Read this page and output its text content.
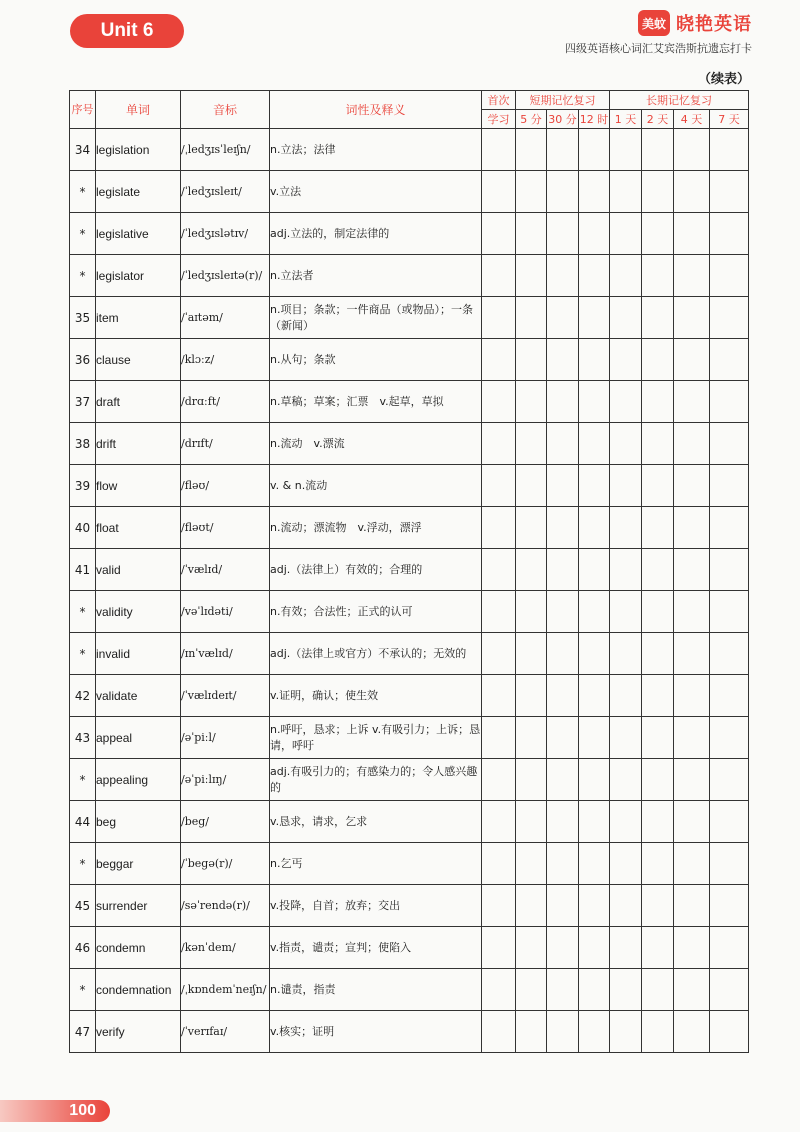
Unit 6	美蚊 晓艳英语
四级英语核心词汇艾宾浩斯抗遗忘打卡
（续表）
序号	单词	音标	词性及释义	首次	短期记忆复习			长期记忆复习			
				学习	5 分	30 分	12 时	1 天	2 天	4 天	7 天
34	legislation	/ˌledʒɪsˈleɪʃn/	n.立法；法律								
*	legislate	/ˈledʒɪsleɪt/	v.立法								
*	legislative	/ˈledʒɪslətɪv/	adj.立法的，制定法律的								
*	legislator	/ˈledʒɪsleɪtə(r)/	n.立法者								
35	item	/ˈaɪtəm/	n.项目；条款；一件商品（或物品）；一条（新闻）								
36	clause	/klɔːz/	n.从句；条款								
37	draft	/drɑːft/	n.草稿；草案；汇票　v.起草，草拟								
38	drift	/drɪft/	n.流动　v.漂流								
39	flow	/fləʊ/	v. & n.流动								
40	float	/fləʊt/	n.流动；漂流物　v.浮动，漂浮								
41	valid	/ˈvælɪd/	adj.（法律上）有效的；合理的								
*	validity	/vəˈlɪdəti/	n.有效；合法性；正式的认可								
*	invalid	/ɪnˈvælɪd/	adj.（法律上或官方）不承认的；无效的								
42	validate	/ˈvælɪdeɪt/	v.证明，确认；使生效								
43	appeal	/əˈpiːl/	n.呼吁，恳求；上诉 v.有吸引力；上诉；恳请，呼吁								
*	appealing	/əˈpiːlɪŋ/	adj.有吸引力的；有感染力的；令人感兴趣的								
44	beg	/beg/	v.恳求，请求，乞求								
*	beggar	/ˈbegə(r)/	n.乞丐								
45	surrender	/səˈrendə(r)/	v.投降，自首；放弃；交出								
46	condemn	/kənˈdem/	v.指责，谴责；宣判；使陷入								
*	condemnation	/ˌkɒndemˈneɪʃn/	n.谴责，指责								
47	verify	/ˈverɪfaɪ/	v.核实；证明								
100
